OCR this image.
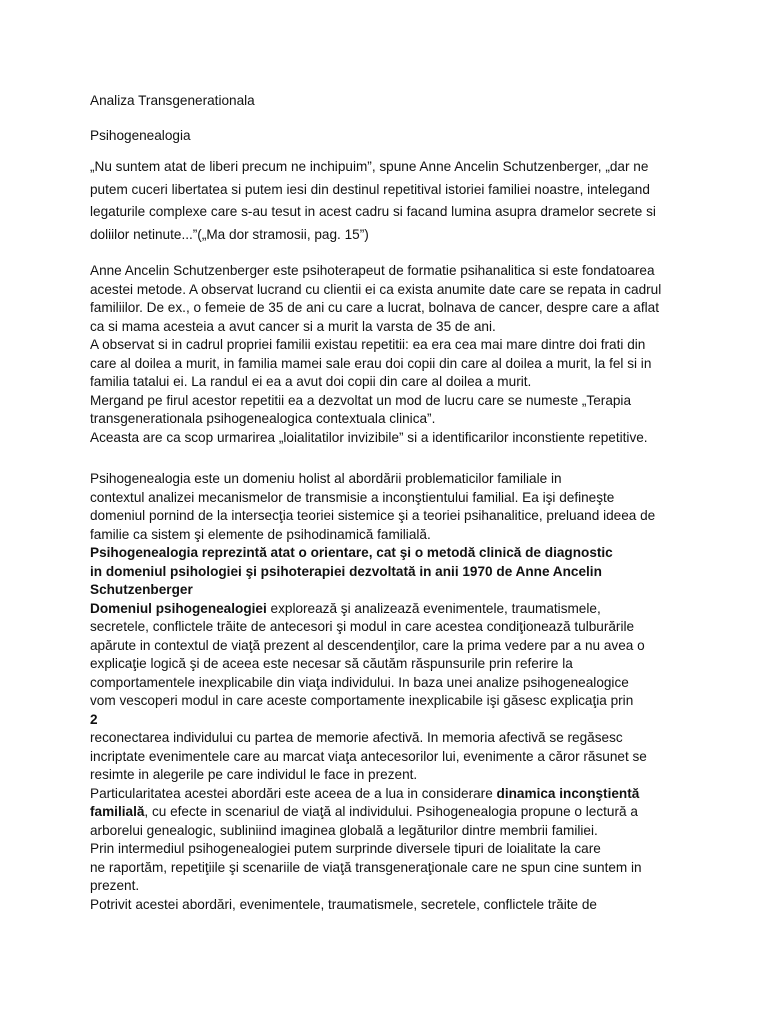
Analiza Transgenerationala
Psihogenealogia
„Nu suntem atat de liberi precum ne inchipuim”, spune Anne Ancelin Schutzenberger, „dar ne
putem cuceri libertatea si putem iesi din destinul repetitival istoriei familiei noastre, intelegand
legaturile complexe care s-au tesut in acest cadru si facand lumina asupra dramelor secrete si
doliilor netinute...”(„Ma dor stramosii, pag. 15”)
Anne Ancelin Schutzenberger este psihoterapeut de formatie psihanalitica si este fondatoarea
acestei metode. A observat lucrand cu clientii ei ca exista anumite date care se repata in cadrul
familiilor. De ex., o femeie de 35 de ani cu care a lucrat, bolnava de cancer, despre care a aflat
ca si mama acesteia a avut cancer si a murit la varsta de 35 de ani.
A observat si in cadrul propriei familii existau repetitii: ea era cea mai mare dintre doi frati din
care al doilea a murit, in familia mamei sale erau doi copii din care al doilea a murit, la fel si in
familia tatalui ei. La randul ei ea a avut doi copii din care al doilea a murit.
Mergand pe firul acestor repetitii ea a dezvoltat un mod de lucru care se numeste „Terapia
transgenerationala psihogenealogica contextuala clinica”.
Aceasta are ca scop urmarirea „loialitatilor invizibile” si a identificarilor inconstiente repetitive.
Psihogenealogia este un domeniu holist al abordării problematicilor familiale in
contextul analizei mecanismelor de transmisie a inconştientului familial. Ea işi defineşte
domeniul pornind de la intersecţia teoriei sistemice şi a teoriei psihanalitice, preluand ideea de
familie ca sistem şi elemente de psihodinamică familială.
Psihogenealogia reprezintă atat o orientare, cat şi o metodă clinică de diagnostic
in domeniul psihologiei şi psihoterapiei dezvoltată in anii 1970 de Anne Ancelin
Schutzenberger
Domeniul psihogenealogiei explorează şi analizează evenimentele, traumatismele,
secretele, conflictele trăite de antecesori şi modul in care acestea condiţionează tulburările
apărute in contextul de viaţă prezent al descendenţilor, care la prima vedere par a nu avea o
explicaţie logică şi de aceea este necesar să căutăm răspunsurile prin referire la
comportamentele inexplicabile din viaţa individului. In baza unei analize psihogenealogice
vom vescoperi modul in care aceste comportamente inexplicabile işi găsesc explicaţia prin
2
reconectarea individului cu partea de memorie afectivă. In memoria afectivă se regăsesc
incriptate evenimentele care au marcat viaţa antecesorilor lui, evenimente a căror răsunet se
resimte in alegerile pe care individul le face in prezent.
Particularitatea acestei abordări este aceea de a lua in considerare dinamica inconştientă
familială, cu efecte in scenariul de viaţă al individului. Psihogenealogia propune o lectură a
arborelui genealogic, subliniind imaginea globală a legăturilor dintre membrii familiei.
Prin intermediul psihogenealogiei putem surprinde diversele tipuri de loialitate la care
ne raportăm, repetiţiile şi scenariile de viaţă transgeneraţionale care ne spun cine suntem in
prezent.
Potrivit acestei abordări, evenimentele, traumatismele, secretele, conflictele trăite de
